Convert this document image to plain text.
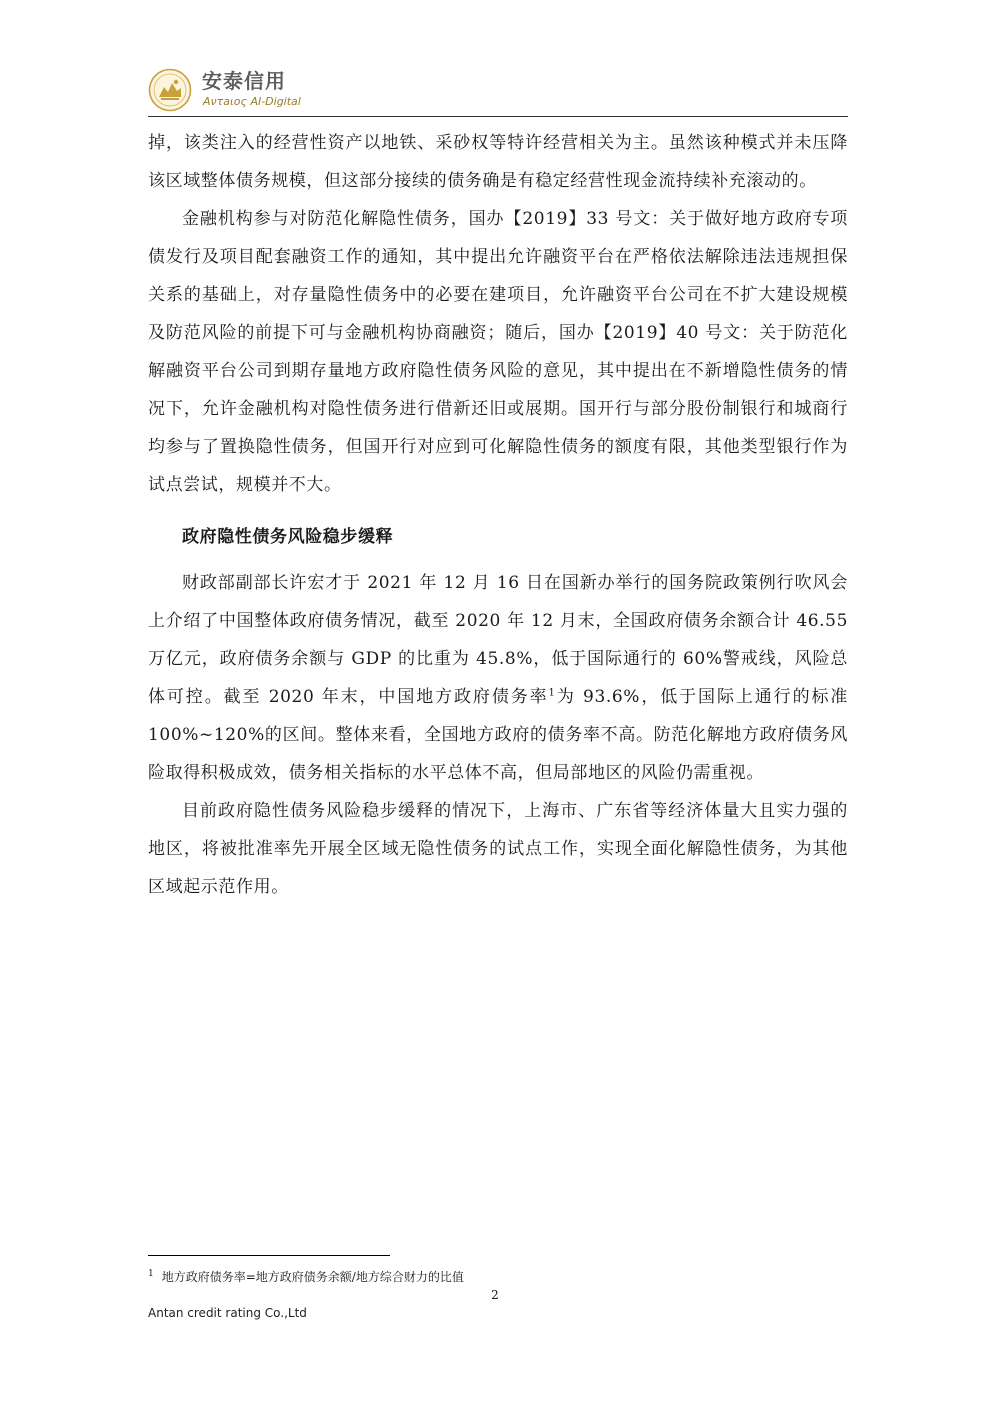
安泰信用
Αντaιος AI-Digital

掉，该类注入的经营性资产以地铁、采砂权等特许经营相关为主。虽然该种模式并未压降该区域整体债务规模，但这部分接续的债务确是有稳定经营性现金流持续补充滚动的。

金融机构参与对防范化解隐性债务，国办【2019】33 号文：关于做好地方政府专项债发行及项目配套融资工作的通知，其中提出允许融资平台在严格依法解除违法违规担保关系的基础上，对存量隐性债务中的必要在建项目，允许融资平台公司在不扩大建设规模及防范风险的前提下可与金融机构协商融资；随后，国办【2019】40 号文：关于防范化解融资平台公司到期存量地方政府隐性债务风险的意见，其中提出在不新增隐性债务的情况下，允许金融机构对隐性债务进行借新还旧或展期。国开行与部分股份制银行和城商行均参与了置换隐性债务，但国开行对应到可化解隐性债务的额度有限，其他类型银行作为试点尝试，规模并不大。

政府隐性债务风险稳步缓释

财政部副部长许宏才于 2021 年 12 月 16 日在国新办举行的国务院政策例行吹风会上介绍了中国整体政府债务情况，截至 2020 年 12 月末，全国政府债务余额合计 46.55 万亿元，政府债务余额与 GDP 的比重为 45.8%，低于国际通行的 60%警戒线，风险总体可控。截至 2020 年末，中国地方政府债务率$^1$为 93.6%，低于国际上通行的标准 100%~120%的区间。整体来看，全国地方政府的债务率不高。防范化解地方政府债务风险取得积极成效，债务相关指标的水平总体不高，但局部地区的风险仍需重视。

目前政府隐性债务风险稳步缓释的情况下，上海市、广东省等经济体量大且实力强的地区，将被批准率先开展全区域无隐性债务的试点工作，实现全面化解隐性债务，为其他区域起示范作用。

$^1$ 地方政府债务率=地方政府债务余额/地方综合财力的比值
2
Antan credit rating Co.,Ltd
